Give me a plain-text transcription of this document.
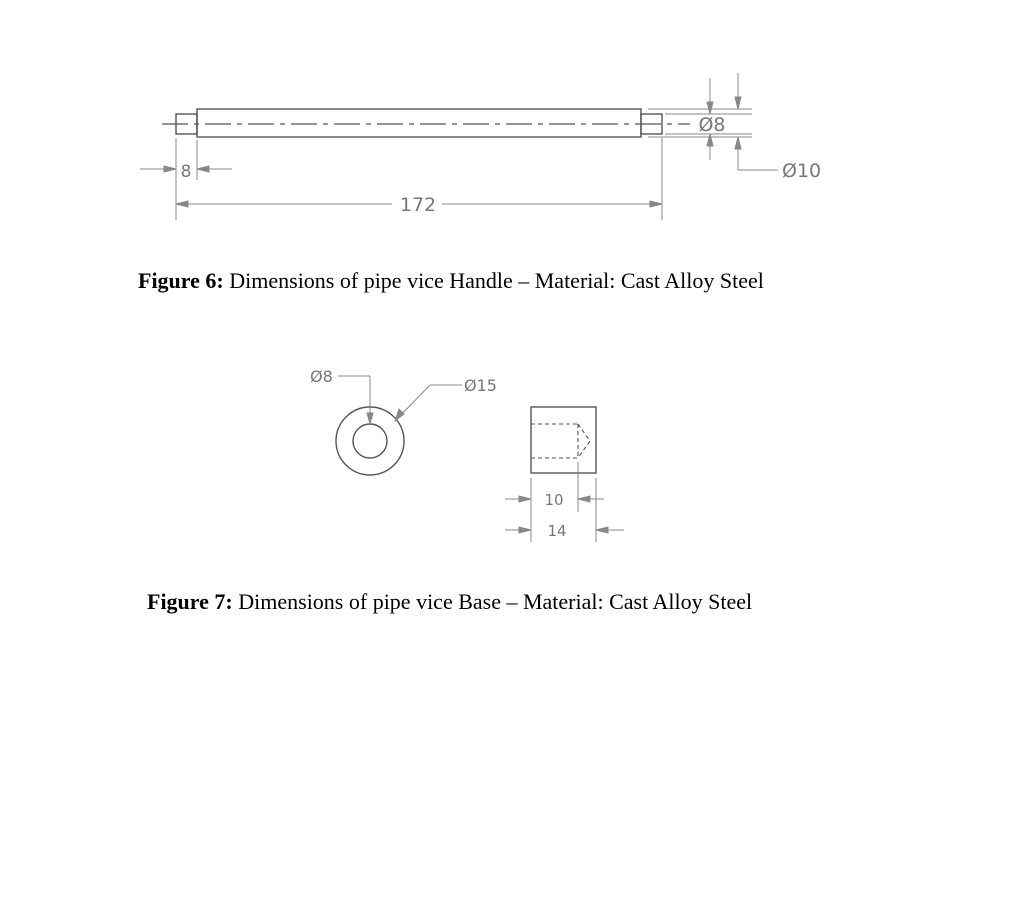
8
172
Ø8
Ø10
Figure 6: Dimensions of pipe vice Handle – Material: Cast Alloy Steel
Ø8	Ø15
10
14
Figure 7: Dimensions of pipe vice Base – Material: Cast Alloy Steel
